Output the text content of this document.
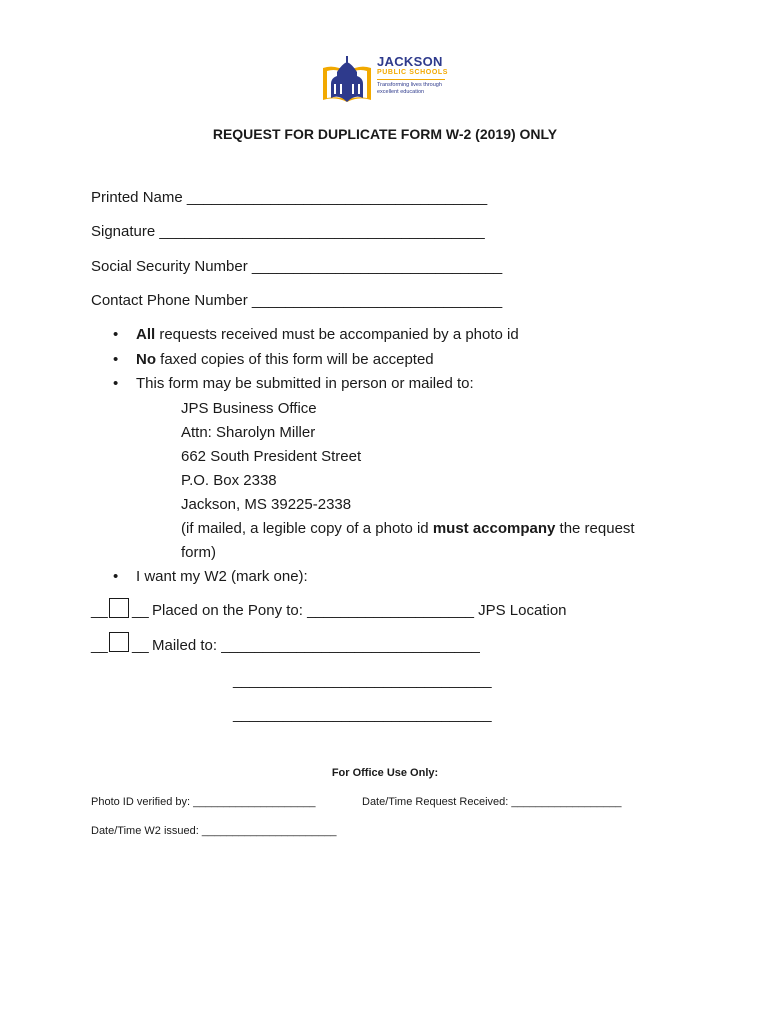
JACKSON
PUBLIC SCHOOLS
Transforming lives through
excellent education
REQUEST FOR DUPLICATE FORM W-2 (2019) ONLY
Printed Name ____________________________________
Signature _______________________________________
Social Security Number ______________________________
Contact Phone Number ______________________________
• All requests received must be accompanied by a photo id
• No faxed copies of this form will be accepted
• This form may be submitted in person or mailed to:
JPS Business Office
Attn: Sharolyn Miller
662 South President Street
P.O. Box 2338
Jackson, MS 39225-2338
(if mailed, a legible copy of a photo id must accompany the request
form)
• I want my W2 (mark one):
__ __ Placed on the Pony to: ____________________ JPS Location
__ __ Mailed to: _______________________________
_______________________________
_______________________________
For Office Use Only:
Photo ID verified by: ____________________	Date/Time Request Received: __________________
Date/Time W2 issued: ______________________
